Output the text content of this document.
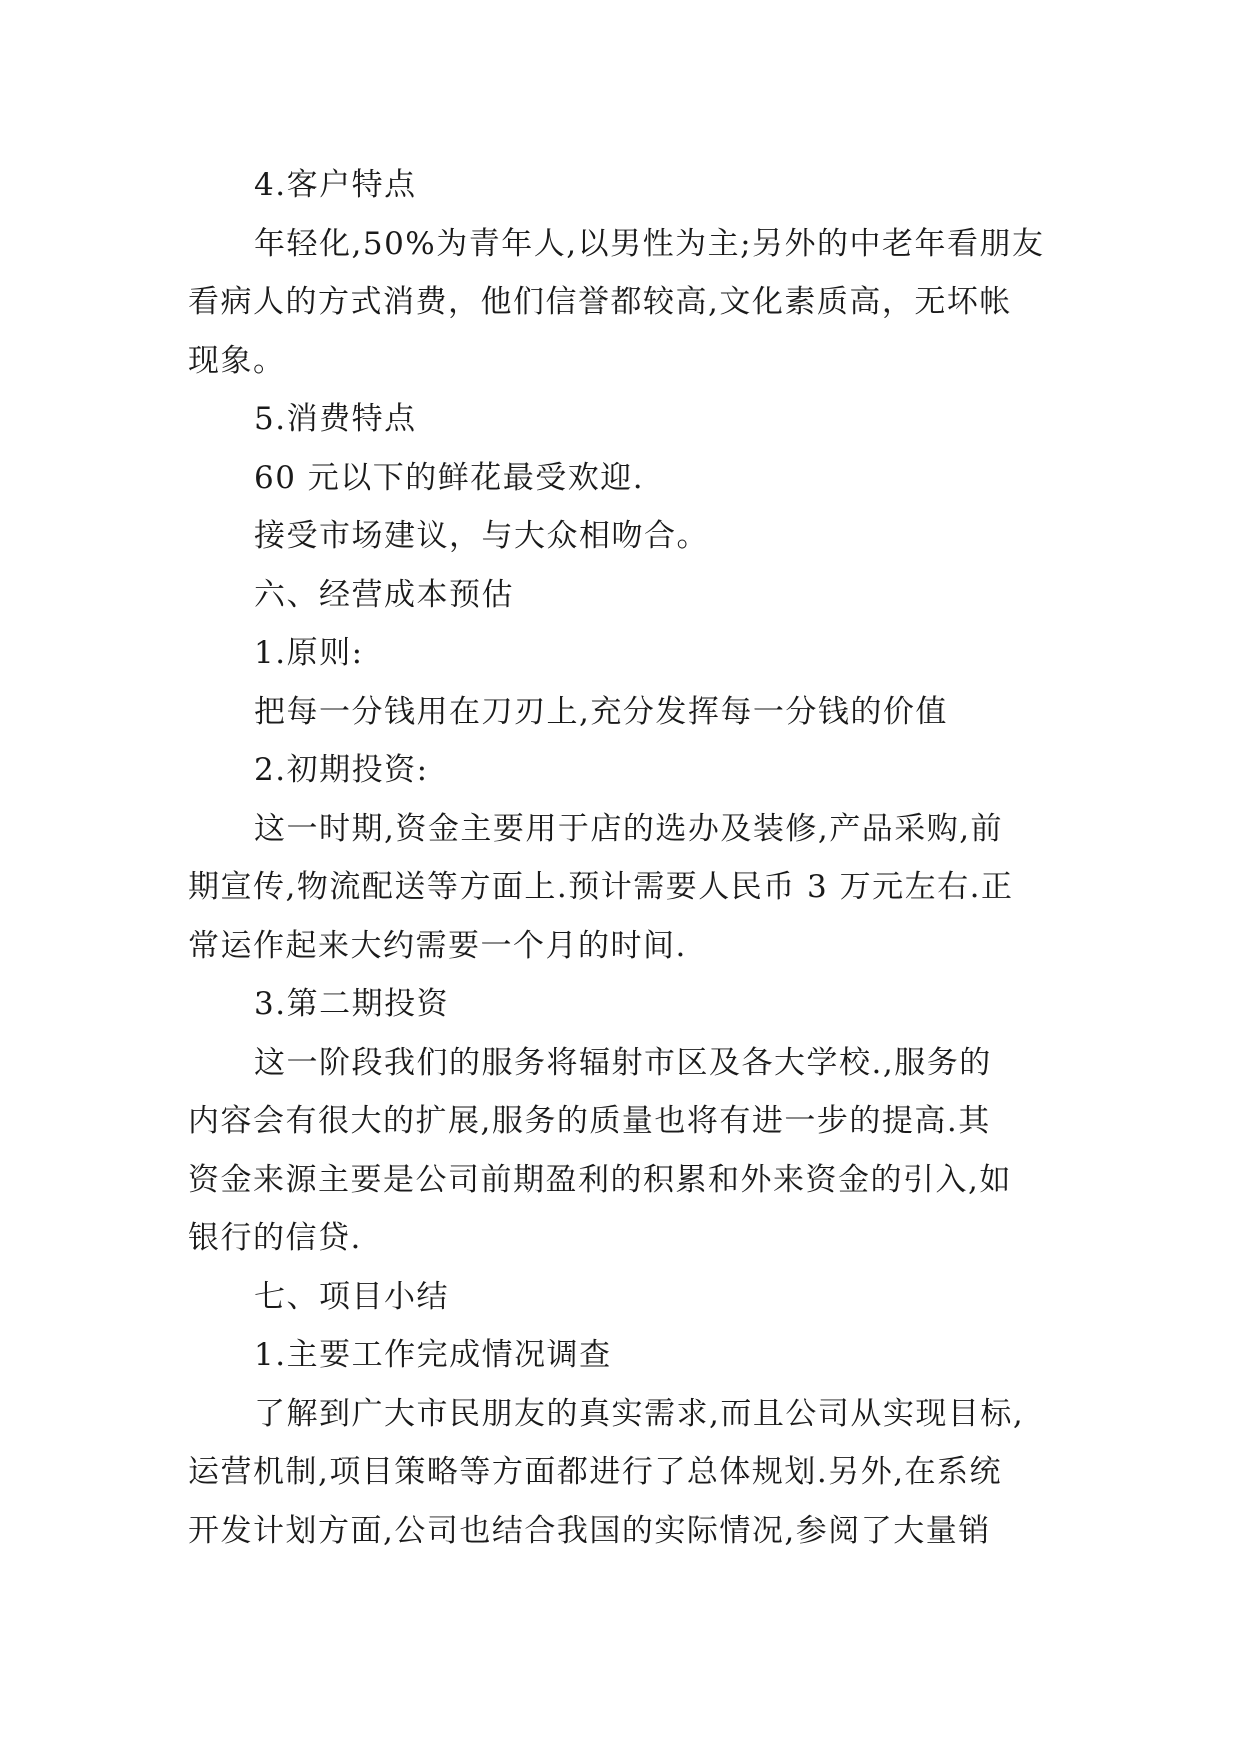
4.客户特点
年轻化,50%为青年人,以男性为主;另外的中老年看朋友
看病人的方式消费，他们信誉都较高,文化素质高，无坏帐
现象。
5.消费特点
60 元以下的鲜花最受欢迎.
接受市场建议，与大众相吻合。
六、经营成本预估
1.原则:
把每一分钱用在刀刃上,充分发挥每一分钱的价值
2.初期投资:
这一时期,资金主要用于店的选办及装修,产品采购,前
期宣传,物流配送等方面上.预计需要人民币 3 万元左右.正
常运作起来大约需要一个月的时间.
3.第二期投资
这一阶段我们的服务将辐射市区及各大学校.,服务的
内容会有很大的扩展,服务的质量也将有进一步的提高.其
资金来源主要是公司前期盈利的积累和外来资金的引入,如
银行的信贷.
七、项目小结
1.主要工作完成情况调查
了解到广大市民朋友的真实需求,而且公司从实现目标,
运营机制,项目策略等方面都进行了总体规划.另外,在系统
开发计划方面,公司也结合我国的实际情况,参阅了大量销
